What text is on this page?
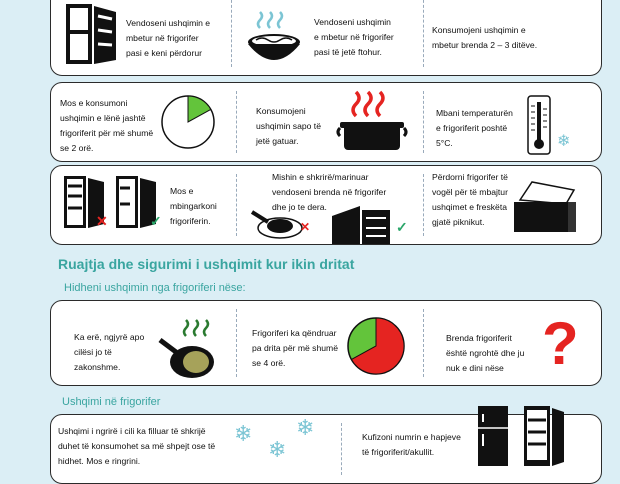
Vendoseni ushqimin e
mbetur në frigorifer
pasi e keni përdorur
Vendoseni ushqimin
e mbetur në frigorifer
pasi të jetë ftohur.
Konsumojeni ushqimin e
mbetur brenda 2 – 3 ditëve.
Mos e konsumoni
ushqimin e lënë jashtë
frigoriferit për më shumë
se 2 orë.
Konsumojeni
ushqimin sapo të
jetë gatuar.
Mbani temperaturën
e frigoriferit poshtë
5°C.	❄
✕	✓
Mos e
mbingarkoni
frigoriferin.
Mishin e shkrirë/marinuar
vendoseni brenda në frigorifer
dhe jo te dera.
✕	✓
Përdorni frigorifer të
vogël për të mbajtur
ushqimet e freskëta
gjatë piknikut.
Ruajtja dhe sigurimi i ushqimit kur ikin dritat
Hidheni ushqimin nga frigoriferi nëse:
Ka erë, ngjyrë apo
cilësi jo të
zakonshme.
Frigoriferi ka qëndruar
pa drita për më shumë
se 4 orë.
Brenda frigoriferit
është ngrohtë dhe ju
nuk e dini nëse ?
Ushqimi në frigorifer
Ushqimi i ngrirë i cili ka filluar të shkrijë
duhet të konsumohet sa më shpejt ose të
hidhet. Mos e ringrini.
❄ ❄
❄	Kufizoni numrin e hapjeve
të frigoriferit/akullit.
